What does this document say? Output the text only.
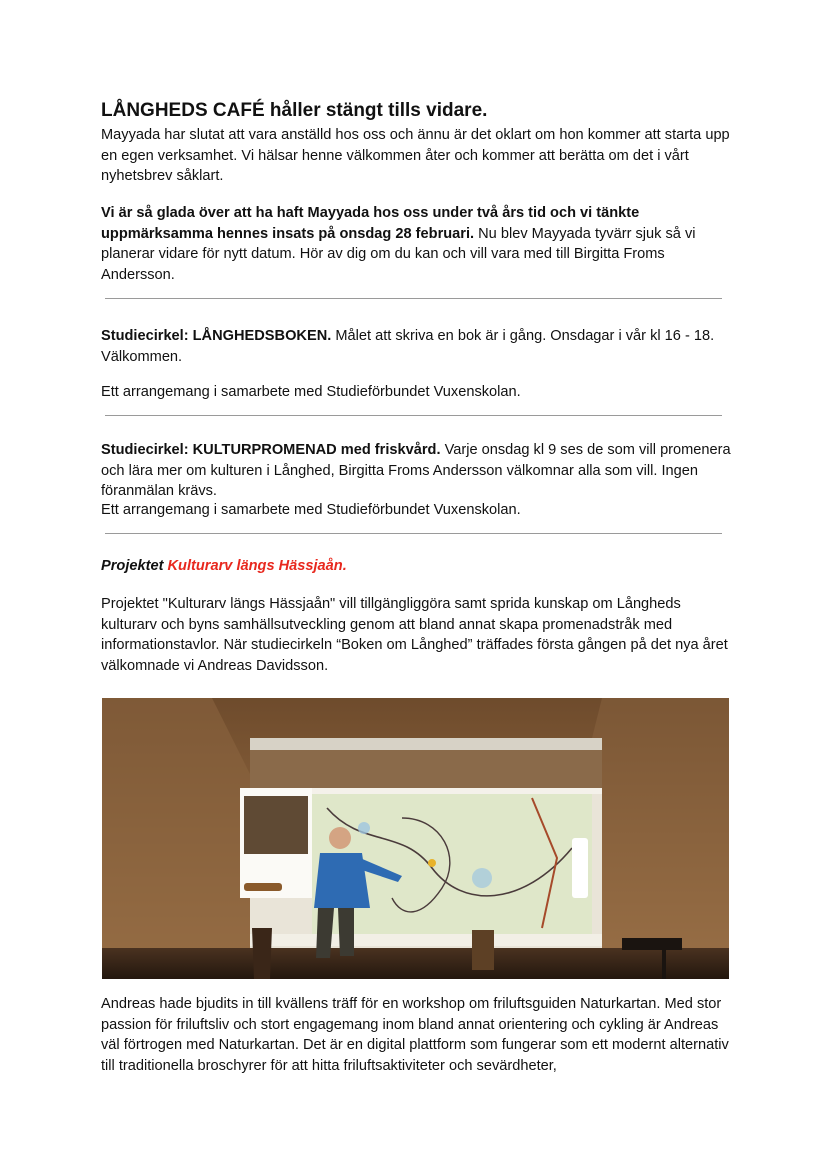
LÅNGHEDS CAFÉ håller stängt tills vidare.

Mayyada har slutat att vara anställd hos oss och ännu är det oklart om hon kommer att starta upp en egen verksamhet. Vi hälsar henne välkommen åter och kommer att berätta om det i vårt nyhetsbrev såklart.

Vi är så glada över att ha haft Mayyada hos oss under två års tid och vi tänkte uppmärksamma hennes insats på onsdag 28 februari. Nu blev Mayyada tyvärr sjuk så vi planerar vidare för nytt datum. Hör av dig om du kan och vill vara med till Birgitta Froms Andersson.

Studiecirkel: LÅNGHEDSBOKEN. Målet att skriva en bok är i gång. Onsdagar i vår kl 16 - 18. Välkommen.

Ett arrangemang i samarbete med Studieförbundet Vuxenskolan.

Studiecirkel: KULTURPROMENAD med friskvård. Varje onsdag kl 9 ses de som vill promenera och lära mer om kulturen i Långhed, Birgitta Froms Andersson välkomnar alla som vill. Ingen föranmälan krävs.

Ett arrangemang i samarbete med Studieförbundet Vuxenskolan.

Projektet Kulturarv längs Hässjaån.

Projektet "Kulturarv längs Hässjaån" vill tillgängliggöra samt sprida kunskap om Långheds kulturarv och byns samhällsutveckling genom att bland annat skapa promenadstråk med informationstavlor. När studiecirkeln “Boken om Långhed” träffades första gången på det nya året välkomnade vi Andreas Davidsson.

Andreas hade bjudits in till kvällens träff för en workshop om friluftsguiden Naturkartan. Med stor passion för friluftsliv och stort engagemang inom bland annat orientering och cykling är Andreas väl förtrogen med Naturkartan. Det är en digital plattform som fungerar som ett modernt alternativ till traditionella broschyrer för att hitta friluftsaktiviteter och sevärdheter,
